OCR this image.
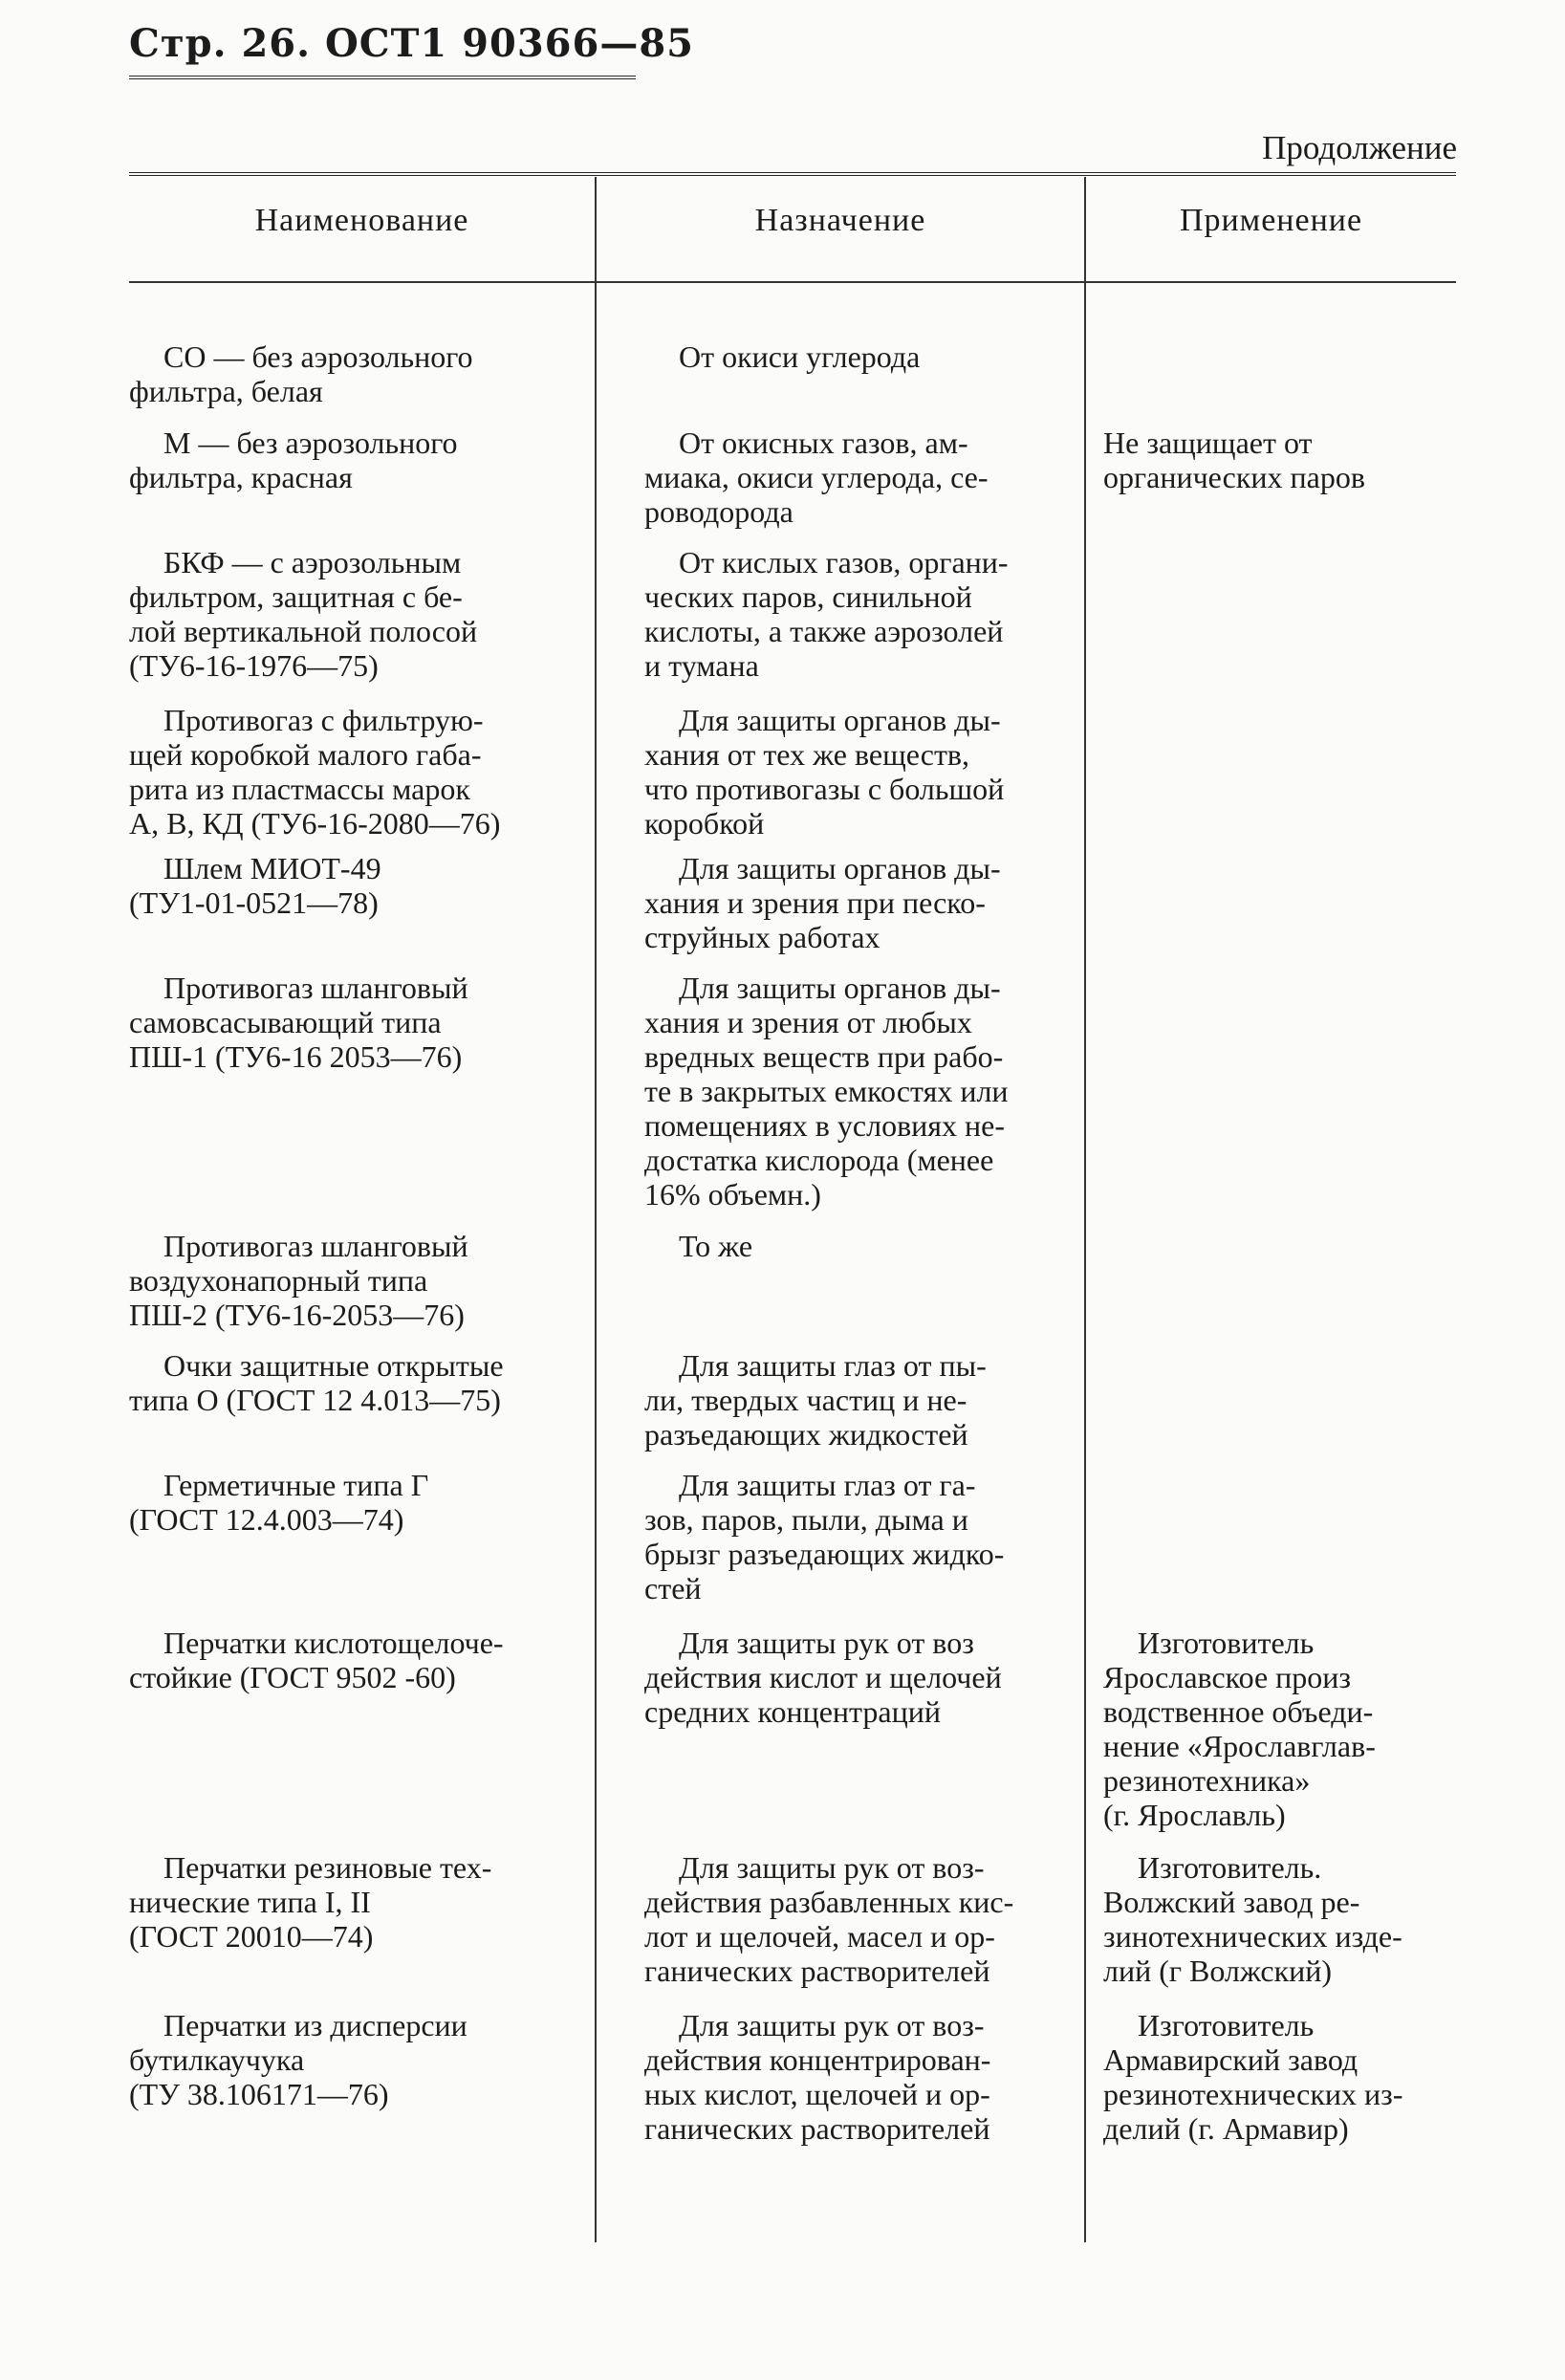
Стр. 26. ОСТ1 90366—85
Продолжение
Наименование	Назначение	Применение
СО — без аэрозольного
фильтра, белая
От окиси углерода
М — без аэрозольного
фильтра, красная
От окисных газов, ам-
миака, окиси углерода, се-
роводорода
Не защищает от
органических паров
БКФ — с аэрозольным
фильтром, защитная с бе-
лой вертикальной полосой
(ТУ6-16-1976—75)
От кислых газов, органи-
ческих паров, синильной
кислоты, а также аэрозолей
и тумана
Противогаз с фильтрую-
щей коробкой малого габа-
рита из пластмассы марок
А, В, КД (ТУ6-16-2080—76)
Для защиты органов ды-
хания от тех же веществ,
что противогазы с большой
коробкой
Шлем МИОТ-49
(ТУ1-01-0521—78)
Для защиты органов ды-
хания и зрения при песко-
струйных работах
Противогаз шланговый
самовсасывающий типа
ПШ-1 (ТУ6-16 2053—76)
Для защиты органов ды-
хания и зрения от любых
вредных веществ при рабо-
те в закрытых емкостях или
помещениях в условиях не-
достатка кислорода (менее
16% объемн.)
Противогаз шланговый
воздухонапорный типа
ПШ-2 (ТУ6-16-2053—76)
То же
Очки защитные открытые
типа О (ГОСТ 12 4.013—75)
Для защиты глаз от пы-
ли, твердых частиц и не-
разъедающих жидкостей
Герметичные типа Г
(ГОСТ 12.4.003—74)
Для защиты глаз от га-
зов, паров, пыли, дыма и
брызг разъедающих жидко-
стей
Перчатки кислотощелоче-
стойкие (ГОСТ 9502 -60)
Для защиты рук от воз
действия кислот и щелочей
средних концентраций
Изготовитель
Ярославское произ
водственное объеди-
нение «Ярославглав-
резинотехника»
(г. Ярославль)
Перчатки резиновые тех-
нические типа I, II
(ГОСТ 20010—74)
Для защиты рук от воз-
действия разбавленных кис-
лот и щелочей, масел и ор-
ганических растворителей
Изготовитель.
Волжский завод ре-
зинотехнических изде-
лий (г Волжский)
Перчатки из дисперсии
бутилкаучука
(ТУ 38.106171—76)
Для защиты рук от воз-
действия концентрирован-
ных кислот, щелочей и ор-
ганических растворителей
Изготовитель
Армавирский завод
резинотехнических из-
делий (г. Армавир)
